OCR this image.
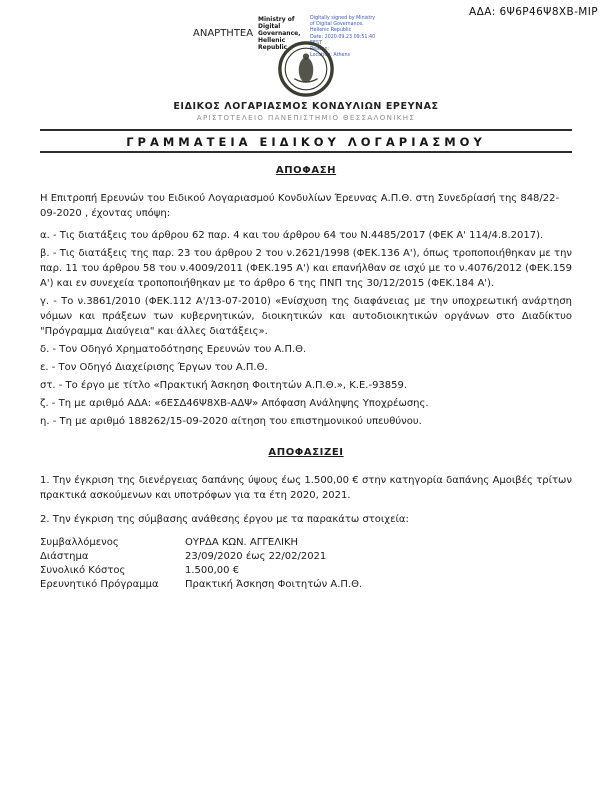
ΑΔΑ: 6Ψ6Ρ46Ψ8ΧΒ-ΜΙΡ
ΑΝΑΡΤΗΤΕΑ
Ministry of Digital Governance, Hellenic Republic
Digitally signed by Ministry of Digital Governance, Hellenic Republic
Date: 2020.09.23 09:51:40 EEST
Reason:
Location: Athens
ΕΙΔΙΚΟΣ ΛΟΓΑΡΙΑΣΜΟΣ ΚΟΝΔΥΛΙΩΝ ΕΡΕΥΝΑΣ
ΑΡΙΣΤΟΤΕΛΕΙΟ ΠΑΝΕΠΙΣΤΗΜΙΟ ΘΕΣΣΑΛΟΝΙΚΗΣ
ΓΡΑΜΜΑΤΕΙΑ ΕΙΔΙΚΟΥ ΛΟΓΑΡΙΑΣΜΟΥ
ΑΠΟΦΑΣΗ

Η Επιτροπή Ερευνών του Ειδικού Λογαριασμού Κονδυλίων Έρευνας Α.Π.Θ. στη Συνεδρίασή της 848/22-09-2020 , έχοντας υπόψη:

α. - Τις διατάξεις του άρθρου 62 παρ. 4 και του άρθρου 64 του Ν.4485/2017 (ΦΕΚ Α' 114/4.8.2017).

β. - Τις διατάξεις της παρ. 23 του άρθρου 2 του ν.2621/1998 (ΦΕΚ.136 Α'), όπως τροποποιήθηκαν με την παρ. 11 του άρθρου 58 του ν.4009/2011 (ΦΕΚ.195 Α') και επανήλθαν σε ισχύ με το ν.4076/2012 (ΦΕΚ.159 Α') και εν συνεχεία τροποποιήθηκαν με το άρθρο 6 της ΠΝΠ της 30/12/2015 (ΦΕΚ.184 Α').

γ. - Το ν.3861/2010 (ΦΕΚ.112 Α'/13-07-2010) «Ενίσχυση της διαφάνειας με την υποχρεωτική ανάρτηση νόμων και πράξεων των κυβερνητικών, διοικητικών και αυτοδιοικητικών οργάνων στο Διαδίκτυο "Πρόγραμμα Διαύγεια" και άλλες διατάξεις».

δ. - Τον Οδηγό Χρηματοδότησης Ερευνών του Α.Π.Θ.

ε. - Τον Οδηγό Διαχείρισης Έργων του Α.Π.Θ.

στ. - Το έργο με τίτλο «Πρακτική Άσκηση Φοιτητών Α.Π.Θ.», Κ.Ε.-93859.

ζ. - Τη με αριθμό ΑΔΑ: «6ΕΣΔ46Ψ8ΧΒ-ΑΔΨ» Απόφαση Ανάληψης Υποχρέωσης.

η. - Τη με αριθμό 188262/15-09-2020 αίτηση του επιστημονικού υπευθύνου.

ΑΠΟΦΑΣΙΖΕΙ

1. Την έγκριση της διενέργειας δαπάνης ύψους έως 1.500,00 € στην κατηγορία δαπάνης Αμοιβές τρίτων πρακτικά ασκούμενων και υποτρόφων για τα έτη 2020, 2021.

2. Την έγκριση της σύμβασης ανάθεσης έργου με τα παρακάτω στοιχεία:

Συμβαλλόμενος	ΟΥΡΔΑ ΚΩΝ. ΑΓΓΕΛΙΚΗ
Διάστημα	23/09/2020 έως 22/02/2021
Συνολικό Κόστος	1.500,00 €
Ερευνητικό Πρόγραμμα	Πρακτική Άσκηση Φοιτητών Α.Π.Θ.
